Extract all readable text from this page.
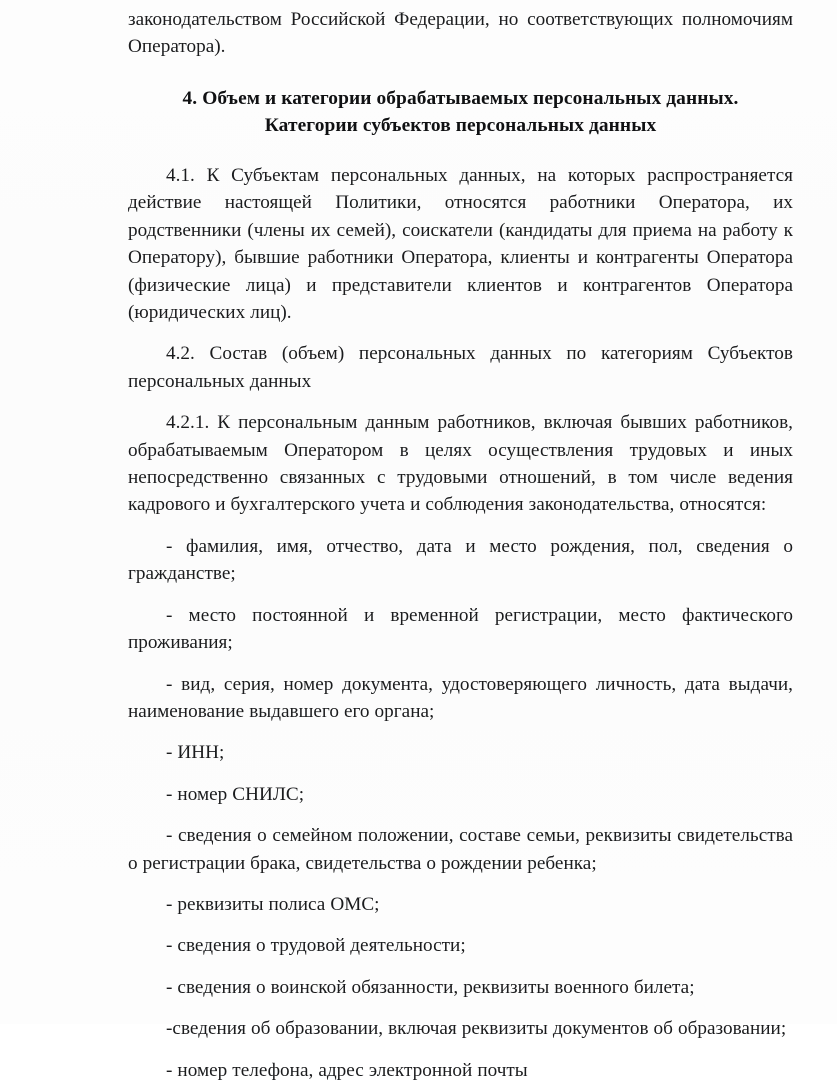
законодательством Российской Федерации, но соответствующих полномочиям Оператора).

4. Объем и категории обрабатываемых персональных данных.
Категории субъектов персональных данных

4.1. К Субъектам персональных данных, на которых распространяется действие настоящей Политики, относятся работники Оператора, их родственники (члены их семей), соискатели (кандидаты для приема на работу к Оператору), бывшие работники Оператора, клиенты и контрагенты Оператора (физические лица) и представители клиентов и контрагентов Оператора (юридических лиц).

4.2. Состав (объем) персональных данных по категориям Субъектов персональных данных

4.2.1. К персональным данным работников, включая бывших работников, обрабатываемым Оператором в целях осуществления трудовых и иных непосредственно связанных с трудовыми отношений, в том числе ведения кадрового и бухгалтерского учета и соблюдения законодательства, относятся:

- фамилия, имя, отчество, дата и место рождения, пол, сведения о гражданстве;

- место постоянной и временной регистрации, место фактического проживания;

- вид, серия, номер документа, удостоверяющего личность, дата выдачи, наименование выдавшего его органа;

- ИНН;

- номер СНИЛС;

- сведения о семейном положении, составе семьи, реквизиты свидетельства о регистрации брака, свидетельства о рождении ребенка;

- реквизиты полиса ОМС;

- сведения о трудовой деятельности;

- сведения о воинской обязанности, реквизиты военного билета;

-сведения об образовании, включая реквизиты документов об образовании;

- номер телефона, адрес электронной почты
